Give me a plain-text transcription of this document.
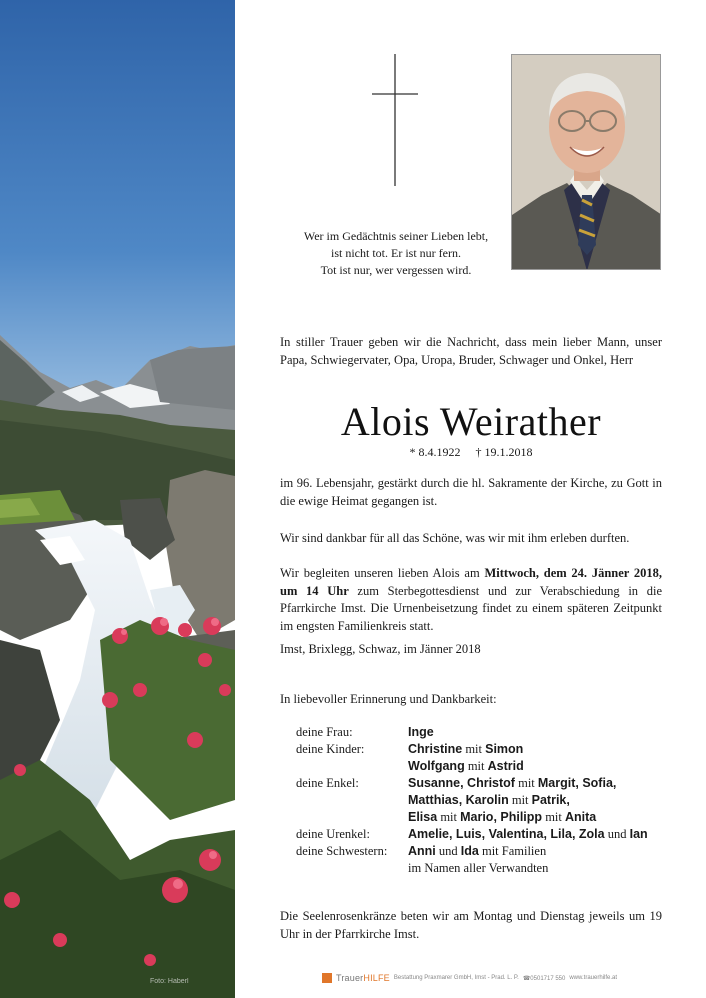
Foto: Haberl
Wer im Gedächtnis seiner Lieben lebt,
ist nicht tot. Er ist nur fern.
Tot ist nur, wer vergessen wird.
In stiller Trauer geben wir die Nachricht, dass mein lieber Mann, unser Papa, Schwiegervater, Opa, Uropa, Bruder, Schwager und Onkel, Herr
Alois Weirather
* 8.4.1922 † 19.1.2018
im 96. Lebensjahr, gestärkt durch die hl. Sakramente der Kirche, zu Gott in die ewige Heimat gegangen ist.
Wir sind dankbar für all das Schöne, was wir mit ihm erleben durften.
Wir begleiten unseren lieben Alois am Mittwoch, dem 24. Jänner 2018, um 14 Uhr zum Sterbegottesdienst und zur Verabschiedung in die Pfarrkirche Imst. Die Urnenbeisetzung findet zu einem späteren Zeitpunkt im engsten Familienkreis statt.
Imst, Brixlegg, Schwaz, im Jänner 2018
In liebevoller Erinnerung und Dankbarkeit:
deine Frau:	Inge
deine Kinder:	Christine mit Simon
Wolfgang mit Astrid
deine Enkel:	Susanne, Christof mit Margit, Sofia,
Matthias, Karolin mit Patrik,
Elisa mit Mario, Philipp mit Anita
deine Urenkel:	Amelie, Luis, Valentina, Lila, Zola und Ian
deine Schwestern:	Anni und Ida mit Familien
im Namen aller Verwandten
Die Seelenrosenkränze beten wir am Montag und Dienstag jeweils um 19 Uhr in der Pfarrkirche Imst.
TrauerHILFE Bestattung Praxmarer GmbH, Imst - Prad. L. P. ☎0501717 550 www.trauerhilfe.at
